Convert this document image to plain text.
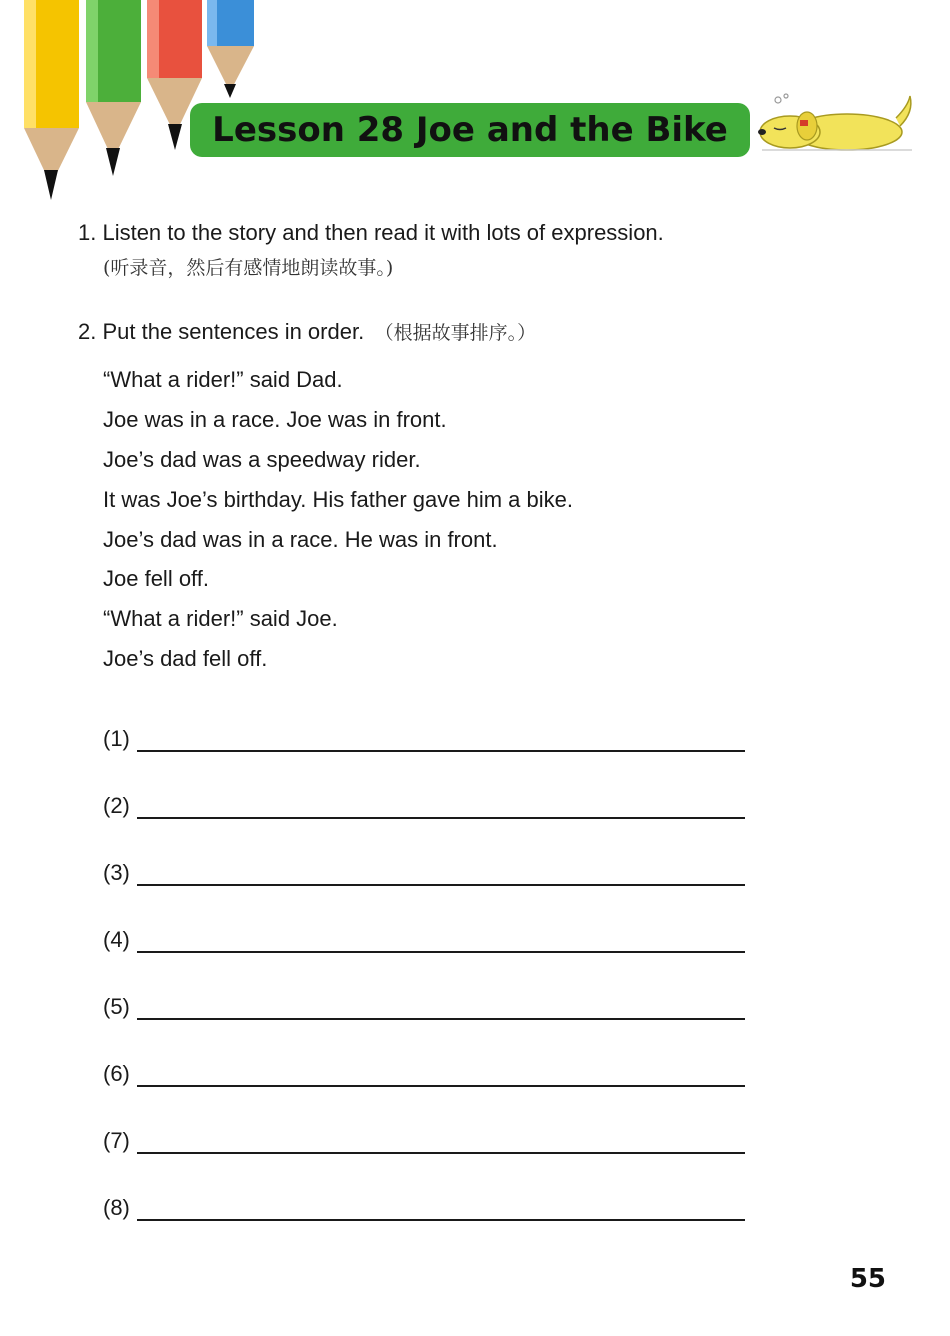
Lesson 28 Joe and the Bike
1. Listen to the story and then read it with lots of expression.
(听录音，然后有感情地朗读故事。)
2. Put the sentences in order. （根据故事排序。）
“What a rider!” said Dad.
Joe was in a race. Joe was in front.
Joe’s dad was a speedway rider.
It was Joe’s birthday. His father gave him a bike.
Joe’s dad was in a race. He was in front.
Joe fell off.
“What a rider!” said Joe.
Joe’s dad fell off.
(1)
(2)
(3)
(4)
(5)
(6)
(7)
(8)
55
